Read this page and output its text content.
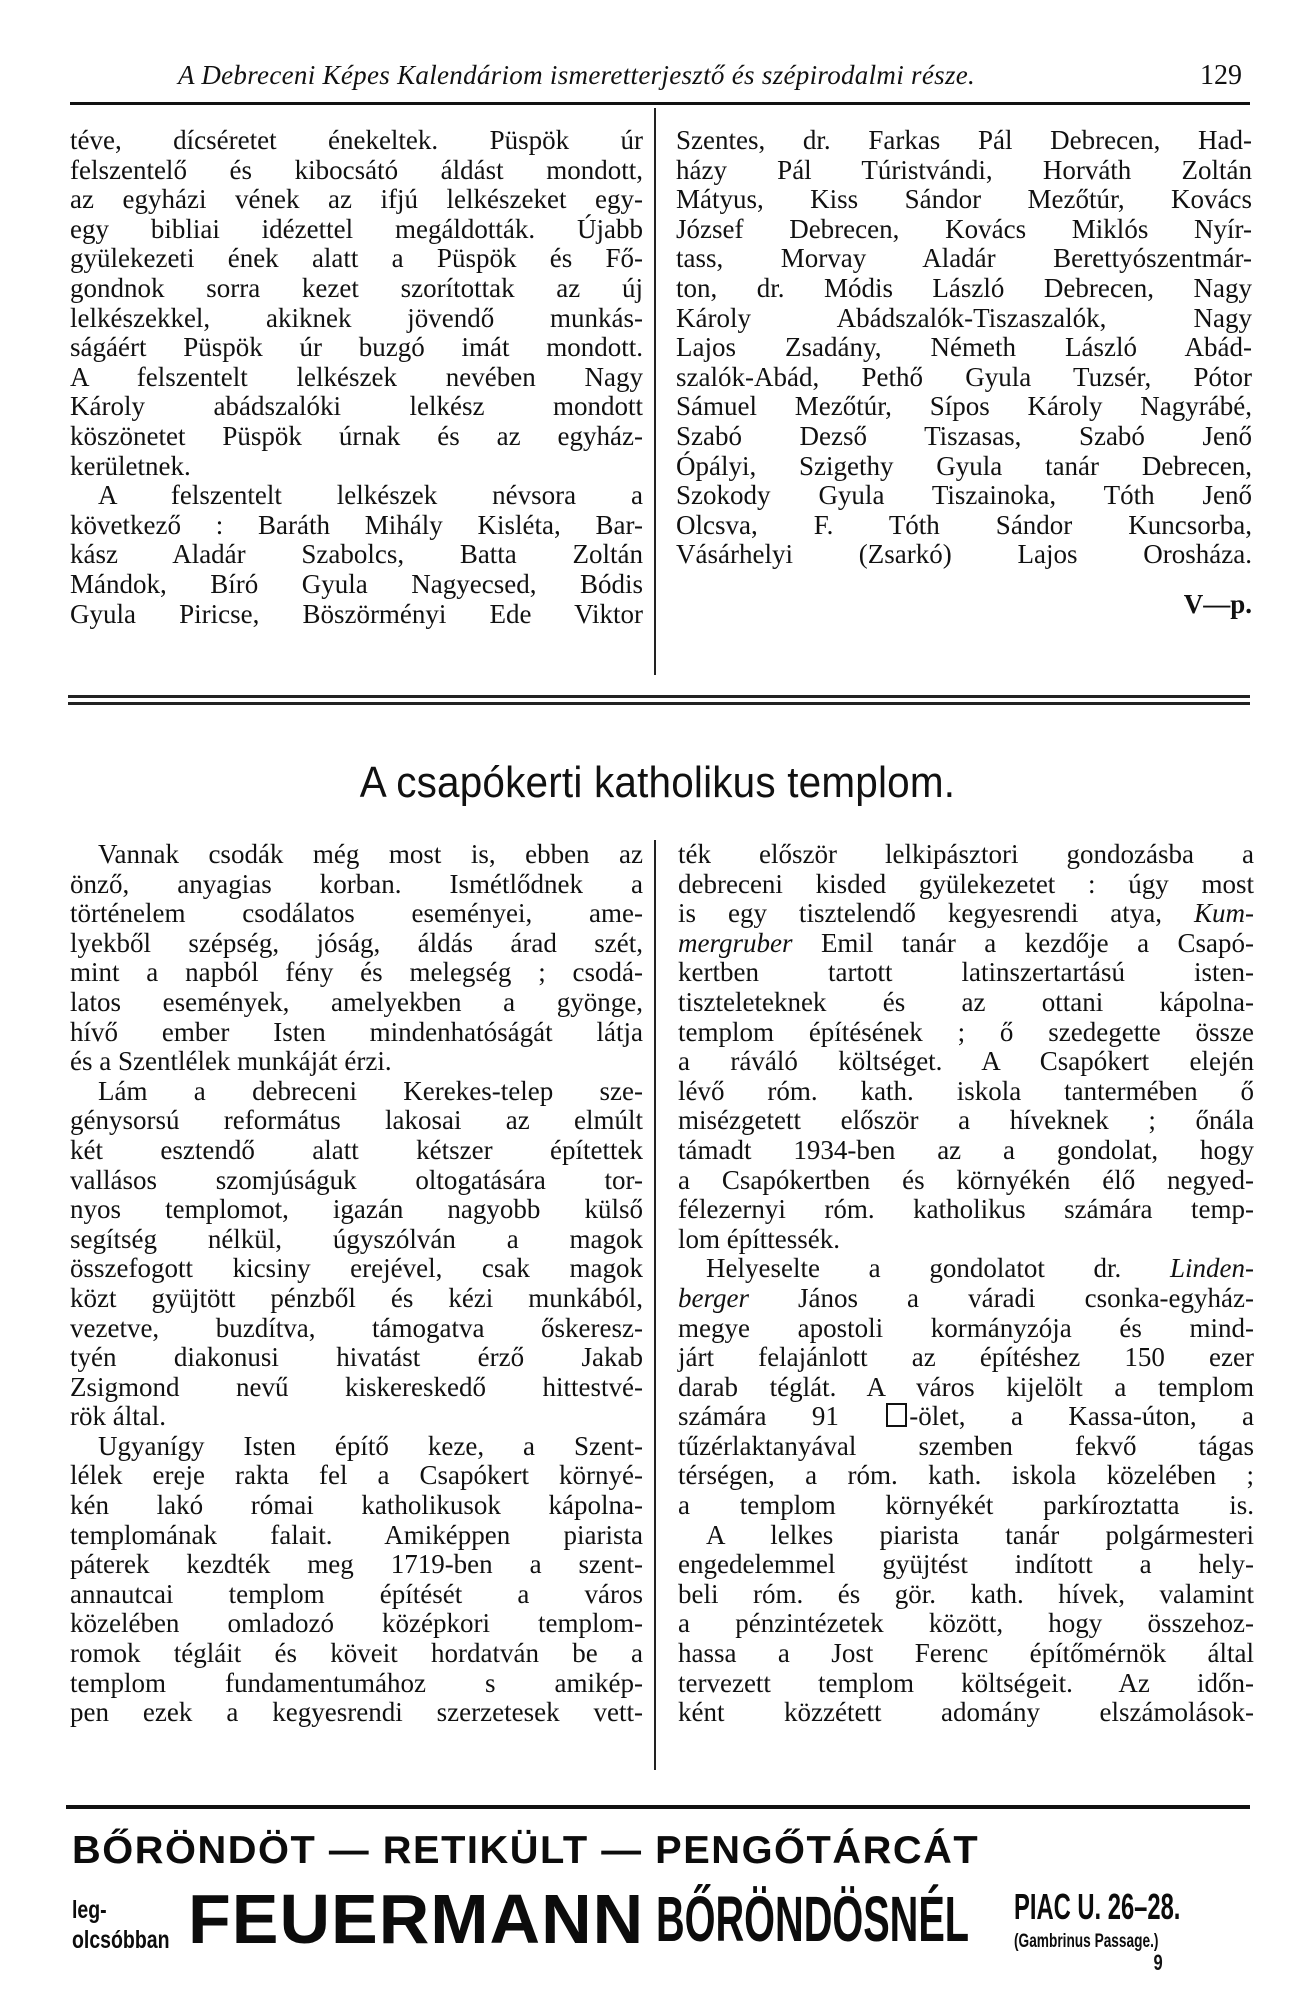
A Debreceni Képes Kalendáriom ismeretterjesztő és szépirodalmi része.	129
téve, dícséretet énekeltek. Püspök úr
felszentelő és kibocsátó áldást mondott,
az egyházi vének az ifjú lelkészeket egy-
egy bibliai idézettel megáldották. Újabb
gyülekezeti ének alatt a Püspök és Fő-
gondnok sorra kezet szorítottak az új
lelkészekkel, akiknek jövendő munkás-
ságáért Püspök úr buzgó imát mondott.
A felszentelt lelkészek nevében Nagy
Károly abádszalóki lelkész mondott
köszönetet Püspök úrnak és az egyház-
kerületnek.
A felszentelt lelkészek névsora a
következő : Baráth Mihály Kisléta, Bar-
kász Aladár Szabolcs, Batta Zoltán
Mándok, Bíró Gyula Nagyecsed, Bódis
Gyula Piricse, Böszörményi Ede Viktor
Szentes, dr. Farkas Pál Debrecen, Had-
házy Pál Túristvándi, Horváth Zoltán
Mátyus, Kiss Sándor Mezőtúr, Kovács
József Debrecen, Kovács Miklós Nyír-
tass, Morvay Aladár Berettyószentmár-
ton, dr. Módis László Debrecen, Nagy
Károly Abádszalók-Tiszaszalók, Nagy
Lajos Zsadány, Németh László Abád-
szalók-Abád, Pethő Gyula Tuzsér, Pótor
Sámuel Mezőtúr, Sípos Károly Nagyrábé,
Szabó Dezső Tiszasas, Szabó Jenő
Ópályi, Szigethy Gyula tanár Debrecen,
Szokody Gyula Tiszainoka, Tóth Jenő
Olcsva, F. Tóth Sándor Kuncsorba,
Vásárhelyi (Zsarkó) Lajos Orosháza.
V—p.
A csapókerti katholikus templom.
Vannak csodák még most is, ebben az
önző, anyagias korban. Ismétlődnek a
történelem csodálatos eseményei, ame-
lyekből szépség, jóság, áldás árad szét,
mint a napból fény és melegség ; csodá-
latos események, amelyekben a gyönge,
hívő ember Isten mindenhatóságát látja
és a Szentlélek munkáját érzi.
Lám a debreceni Kerekes-telep sze-
génysorsú református lakosai az elmúlt
két esztendő alatt kétszer építettek
vallásos szomjúságuk oltogatására tor-
nyos templomot, igazán nagyobb külső
segítség nélkül, úgyszólván a magok
összefogott kicsiny erejével, csak magok
közt gyüjtött pénzből és kézi munkából,
vezetve, buzdítva, támogatva őskeresz-
tyén diakonusi hivatást érző Jakab
Zsigmond nevű kiskereskedő hittestvé-
rök által.
Ugyanígy Isten építő keze, a Szent-
lélek ereje rakta fel a Csapókert környé-
kén lakó római katholikusok kápolna-
templomának falait. Amiképpen piarista
páterek kezdték meg 1719-ben a szent-
annautcai templom építését a város
közelében omladozó középkori templom-
romok tégláit és köveit hordatván be a
templom fundamentumához s amikép-
pen ezek a kegyesrendi szerzetesek vett-
ték először lelkipásztori gondozásba a
debreceni kisded gyülekezetet : úgy most
is egy tisztelendő kegyesrendi atya, Kum-
mergruber Emil tanár a kezdője a Csapó-
kertben tartott latinszertartású isten-
tiszteleteknek és az ottani kápolna-
templom építésének ; ő szedegette össze
a ráváló költséget. A Csapókert elején
lévő róm. kath. iskola tantermében ő
misézgetett először a híveknek ; őnála
támadt 1934-ben az a gondolat, hogy
a Csapókertben és környékén élő negyed-
félezernyi róm. katholikus számára temp-
lom építtessék.
Helyeselte a gondolatot dr. Linden-
berger János a váradi csonka-egyház-
megye apostoli kormányzója és mind-
járt felajánlott az építéshez 150 ezer
darab téglát. A város kijelölt a templom
számára 91 -ölet, a Kassa-úton, a
tűzérlaktanyával szemben fekvő tágas
térségen, a róm. kath. iskola közelében ;
a templom környékét parkíroztatta is.
A lelkes piarista tanár polgármesteri
engedelemmel gyüjtést indított a hely-
beli róm. és gör. kath. hívek, valamint
a pénzintézetek között, hogy összehoz-
hassa a Jost Ferenc építőmérnök által
tervezett templom költségeit. Az időn-
ként közzétett adomány elszámolások-
BŐRÖNDÖT — RETIKÜLT — PENGŐTÁRCÁT
leg-
olcsóbban FEUERMANN BŐRÖNDÖSNÉL PIAC U. 26–28.
(Gambrinus Passage.)
9
